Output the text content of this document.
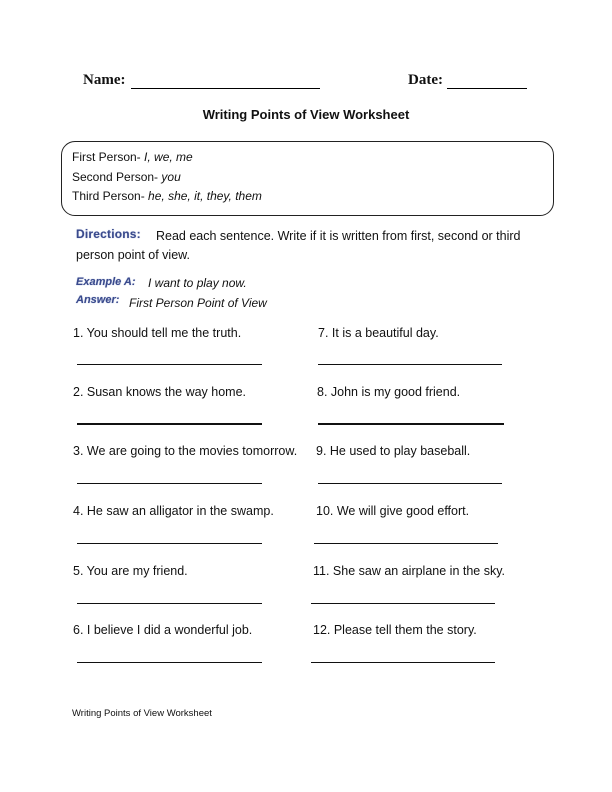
Name:	Date:
Writing Points of View Worksheet
First Person- I, we, me
Second Person- you
Third Person- he, she, it, they, them
Directions: Read each sentence. Write if it is written from first, second or third
person point of view.
Example A: I want to play now.
Answer: First Person Point of View
1. You should tell me the truth.
2. Susan knows the way home.
3. We are going to the movies tomorrow.
4. He saw an alligator in the swamp.
5. You are my friend.
6. I believe I did a wonderful job.
7. It is a beautiful day.
8. John is my good friend.
9. He used to play baseball.
10. We will give good effort.
11. She saw an airplane in the sky.
12. Please tell them the story.
Writing Points of View Worksheet
